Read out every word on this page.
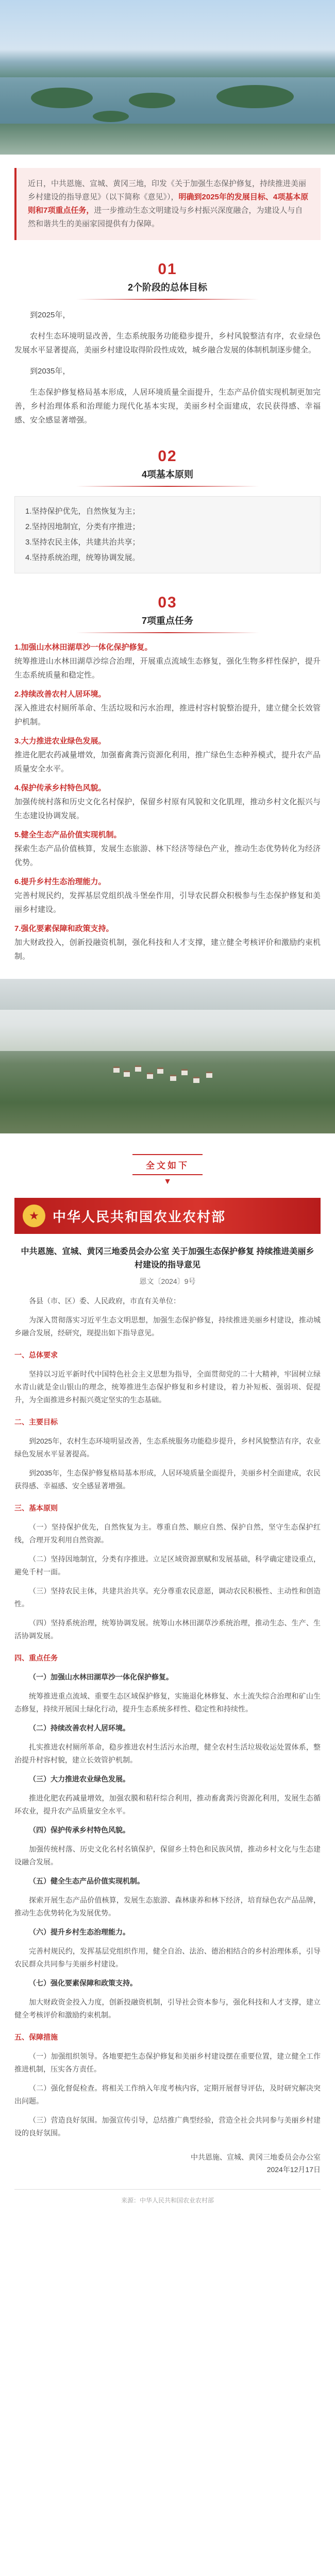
近日，中共恩施、宣城、黄冈三地，印发《关于加强生态保护修复，持续推进美丽乡村建设的指导意见》（以下简称《意见》），明确到2025年的发展目标、4项基本原则和7项重点任务，进一步推动生态文明建设与乡村振兴深度融合，为建设人与自然和谐共生的美丽家园提供有力保障。
01
2个阶段的总体目标

到2025年，

农村生态环境明显改善，生态系统服务功能稳步提升，乡村风貌整洁有序，农业绿色发展水平显著提高，美丽乡村建设取得阶段性成效，城乡融合发展的体制机制逐步健全。

到2035年，

生态保护修复格局基本形成，人居环境质量全面提升，生态产品价值实现机制更加完善，乡村治理体系和治理能力现代化基本实现，美丽乡村全面建成，农民获得感、幸福感、安全感显著增强。

02
4项基本原则
1.坚持保护优先，自然恢复为主；
2.坚持因地制宜，分类有序推进；
3.坚持农民主体，共建共治共享；
4.坚持系统治理，统筹协调发展。
03
7项重点任务

1.加强山水林田湖草沙一体化保护修复。
统筹推进山水林田湖草沙综合治理，开展重点流域生态修复，强化生物多样性保护，提升生态系统质量和稳定性。

2.持续改善农村人居环境。
深入推进农村厕所革命、生活垃圾和污水治理，推进村容村貌整治提升，建立健全长效管护机制。

3.大力推进农业绿色发展。
推进化肥农药减量增效，加强畜禽粪污资源化利用，推广绿色生态种养模式，提升农产品质量安全水平。

4.保护传承乡村特色风貌。
加强传统村落和历史文化名村保护，保留乡村原有风貌和文化肌理，推动乡村文化振兴与生态建设协调发展。

5.健全生态产品价值实现机制。
探索生态产品价值核算，发展生态旅游、林下经济等绿色产业，推动生态优势转化为经济优势。

6.提升乡村生态治理能力。
完善村规民约，发挥基层党组织战斗堡垒作用，引导农民群众积极参与生态保护修复和美丽乡村建设。

7.强化要素保障和政策支持。
加大财政投入，创新投融资机制，强化科技和人才支撑，建立健全考核评价和激励约束机制。

全文如下
▼
★	中华人民共和国农业农村部
中共恩施、宣城、黄冈三地委员会办公室 关于加强生态保护修复 持续推进美丽乡村建设的指导意见
恩文〔2024〕9号

各县（市、区）委、人民政府，市直有关单位：

为深入贯彻落实习近平生态文明思想，加强生态保护修复，持续推进美丽乡村建设，推动城乡融合发展，经研究，现提出如下指导意见。

一、总体要求

坚持以习近平新时代中国特色社会主义思想为指导，全面贯彻党的二十大精神，牢固树立绿水青山就是金山银山的理念，统筹推进生态保护修复和乡村建设，着力补短板、强弱项、促提升，为全面推进乡村振兴奠定坚实的生态基础。

二、主要目标

到2025年，农村生态环境明显改善，生态系统服务功能稳步提升，乡村风貌整洁有序，农业绿色发展水平显著提高。

到2035年，生态保护修复格局基本形成，人居环境质量全面提升，美丽乡村全面建成，农民获得感、幸福感、安全感显著增强。

三、基本原则

（一）坚持保护优先，自然恢复为主。尊重自然、顺应自然、保护自然，坚守生态保护红线，合理开发利用自然资源。

（二）坚持因地制宜，分类有序推进。立足区域资源禀赋和发展基础，科学确定建设重点，避免千村一面。

（三）坚持农民主体，共建共治共享。充分尊重农民意愿，调动农民积极性、主动性和创造性。

（四）坚持系统治理，统筹协调发展。统筹山水林田湖草沙系统治理，推动生态、生产、生活协调发展。

四、重点任务

（一）加强山水林田湖草沙一体化保护修复。

统筹推进重点流域、重要生态区域保护修复，实施退化林修复、水土流失综合治理和矿山生态修复，持续开展国土绿化行动，提升生态系统多样性、稳定性和持续性。

（二）持续改善农村人居环境。

扎实推进农村厕所革命，稳步推进农村生活污水治理，健全农村生活垃圾收运处置体系，整治提升村容村貌，建立长效管护机制。

（三）大力推进农业绿色发展。

推进化肥农药减量增效，加强农膜和秸秆综合利用，推动畜禽粪污资源化利用，发展生态循环农业，提升农产品质量安全水平。

（四）保护传承乡村特色风貌。

加强传统村落、历史文化名村名镇保护，保留乡土特色和民族风情，推动乡村文化与生态建设融合发展。

（五）健全生态产品价值实现机制。

探索开展生态产品价值核算，发展生态旅游、森林康养和林下经济，培育绿色农产品品牌，推动生态优势转化为发展优势。

（六）提升乡村生态治理能力。

完善村规民约，发挥基层党组织作用，健全自治、法治、德治相结合的乡村治理体系，引导农民群众共同参与美丽乡村建设。

（七）强化要素保障和政策支持。

加大财政资金投入力度，创新投融资机制，引导社会资本参与，强化科技和人才支撑，建立健全考核评价和激励约束机制。

五、保障措施

（一）加强组织领导。各地要把生态保护修复和美丽乡村建设摆在重要位置，建立健全工作推进机制，压实各方责任。

（二）强化督促检查。将相关工作纳入年度考核内容，定期开展督导评估，及时研究解决突出问题。

（三）营造良好氛围。加强宣传引导，总结推广典型经验，营造全社会共同参与美丽乡村建设的良好氛围。

中共恩施、宣城、黄冈三地委员会办公室
2024年12月17日
来源：中华人民共和国农业农村部
